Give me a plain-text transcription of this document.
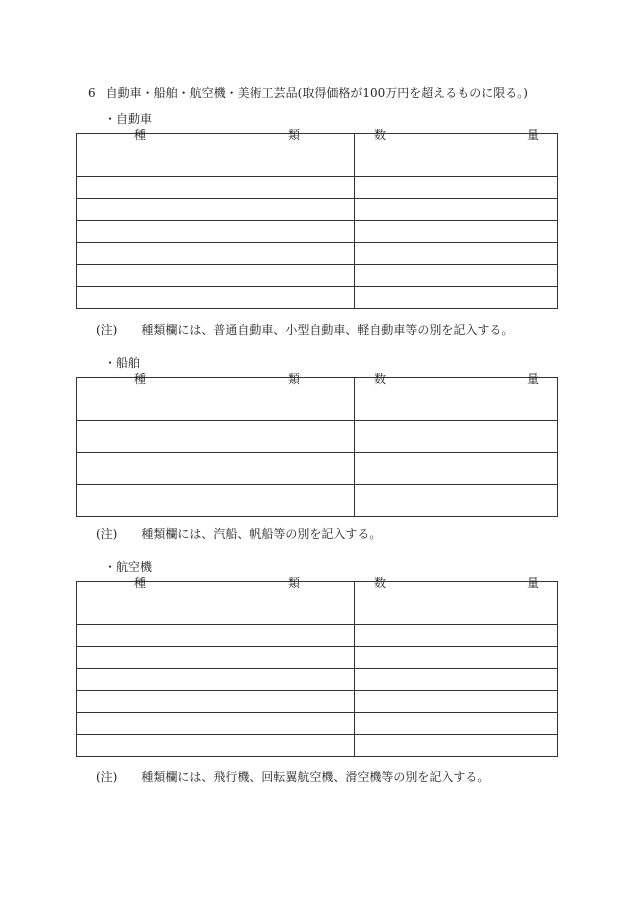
6 自動車・船舶・航空機・美術工芸品(取得価格が100万円を超えるものに限る。)
・自動車
種 類	数 量

(注) 種類欄には、普通自動車、小型自動車、軽自動車等の別を記入する。
・船舶
種 類	数 量

(注) 種類欄には、汽船、帆船等の別を記入する。
・航空機
種 類	数 量

(注) 種類欄には、飛行機、回転翼航空機、滑空機等の別を記入する。
